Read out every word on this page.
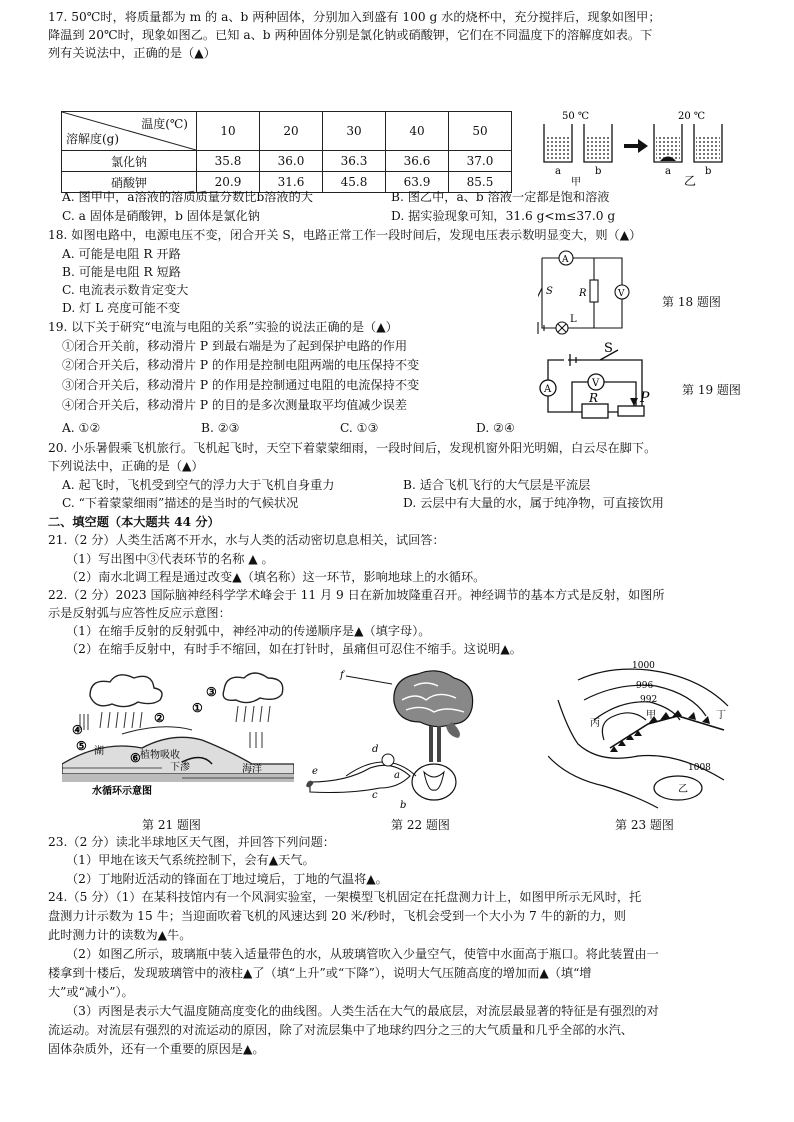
17. 50℃时，将质量都为 m 的 a、b 两种固体，分别加入到盛有 100 g 水的烧杯中，充分搅拌后，现象如图甲；
降温到 20℃时，现象如图乙。已知 a、b 两种固体分别是氯化钠或硝酸钾，它们在不同温度下的溶解度如表。下
列有关说法中，正确的是（▲）
温度(℃)
溶解度(g)	10	20	30	40	50
氯化钠	35.8	36.0	36.3	36.6	37.0
硝酸钾	20.9	31.6	45.8	63.9	85.5
50 ℃	20 ℃
a	b	a	b
甲	乙
A. 图甲中，a溶液的溶质质量分数比b溶液的大	B. 图乙中，a、b 溶液一定都是饱和溶液
C. a 固体是硝酸钾，b 固体是氯化钠	D. 据实验现象可知，31.6 g<m≤37.0 g
18. 如图电路中，电源电压不变，闭合开关 S，电路正常工作一段时间后，发现电压表示数明显变大，则（▲）
A. 可能是电阻 R 开路
B. 可能是电阻 R 短路
C. 电流表示数肯定变大
D. 灯 L 亮度可能不变
A
V
S	R
L
第 18 题图
19. 以下关于研究“电流与电阻的关系”实验的说法正确的是（▲）
①闭合开关前，移动滑片 P 到最右端是为了起到保护电路的作用
②闭合开关后，移动滑片 P 的作用是控制电阻两端的电压保持不变
③闭合开关后，移动滑片 P 的作用是控制通过电阻的电流保持不变
④闭合开关后，移动滑片 P 的目的是多次测量取平均值减少误差
A. ①②	B. ②③	C. ①③	D. ②④
S
A
V
R	P	第 19 题图
20. 小乐暑假乘飞机旅行。飞机起飞时，天空下着蒙蒙细雨，一段时间后，发现机窗外阳光明媚，白云尽在脚下。
下列说法中，正确的是（▲）
A. 起飞时，飞机受到空气的浮力大于飞机自身重力	B. 适合飞机飞行的大气层是平流层
C. “下着蒙蒙细雨”描述的是当时的气候状况	D. 云层中有大量的水，属于纯净物，可直接饮用
二、填空题（本大题共 44 分）
21.（2 分）人类生活离不开水，水与人类的活动密切息息相关，试回答：
（1）写出图中③代表环节的名称 ▲ 。
（2）南水北调工程是通过改变▲（填名称）这一环节，影响地球上的水循环。
22.（2 分）2023 国际脑神经科学学术峰会于 11 月 9 日在新加坡隆重召开。神经调节的基本方式是反射，如图所
示是反射弧与应答性反应示意图：
（1）在缩手反射的反射弧中，神经冲动的传递顺序是▲（填字母）。
（2）在缩手反射中，有时手不缩回，如在打针时，虽痛但可忍住不缩手。这说明▲。
①
②
③
④
⑤
⑥
湖	植物吸收
下渗	海洋
水循环示意图
f
d
a
e
c
b
1000
996
992
1008
丙
甲	丁
乙
第 21 题图	第 22 题图	第 23 题图
23.（2 分）读北半球地区天气图，并回答下列问题：
（1）甲地在该天气系统控制下，会有▲天气。
（2）丁地附近活动的锋面在丁地过境后，丁地的气温将▲。
24.（5 分）（1）在某科技馆内有一个风洞实验室，一架模型飞机固定在托盘测力计上，如图甲所示无风时，托
盘测力计示数为 15 牛；当迎面吹着飞机的风速达到 20 米/秒时，飞机会受到一个大小为 7 牛的新的力，则
此时测力计的读数为▲牛。
（2）如图乙所示，玻璃瓶中装入适量带色的水，从玻璃管吹入少量空气，使管中水面高于瓶口。将此装置由一
楼拿到十楼后，发现玻璃管中的液柱▲了（填“上升”或“下降”），说明大气压随高度的增加而▲（填“增
大”或“减小”）。
（3）丙图是表示大气温度随高度变化的曲线图。人类生活在大气的最底层，对流层最显著的特征是有强烈的对
流运动。对流层有强烈的对流运动的原因，除了对流层集中了地球约四分之三的大气质量和几乎全部的水汽、
固体杂质外，还有一个重要的原因是▲。
